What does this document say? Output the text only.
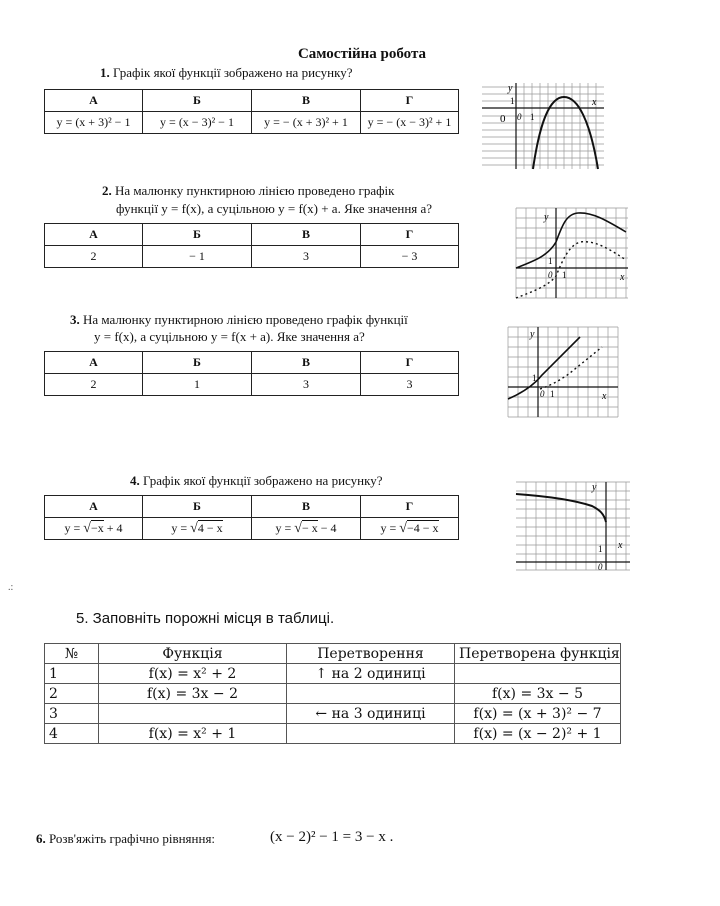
Самостійна робота
1. Графік якої функції зображено на рисунку?
А	Б	В	Г
y = (x + 3)² − 1	y = (x − 3)² − 1	y = − (x + 3)² + 1	y = − (x − 3)² + 1
y
x
1
0 0 1
2. На малюнку пунктирною лінією проведено графік
функції y = f(x), а суцільною y = f(x) + a. Яке значення a?
А	Б	В	Г
2	− 1	3	− 3
y
x
1
0 1
3. На малюнку пунктирною лінією проведено графік функції
y = f(x), а суцільною y = f(x + a). Яке значення a?
А	Б	В	Г
2	1	3	3
y
x
1
0 1
4. Графік якої функції зображено на рисунку?
А	Б	В	Г
y = √−x + 4	y = √4 − x	y = √− x − 4	y = √−4 − x
y
x
1
0
.:
5. Заповніть порожні місця в таблиці.
№	Функція	Перетворення	Перетворена функція
1	f(x) = x² + 2	↑ на 2 одиниці	
2	f(x) = 3x − 2		f(x) = 3x − 5
3		← на 3 одиниці	f(x) = (x + 3)² − 7
4	f(x) = x² + 1		f(x) = (x − 2)² + 1
6. Розв'яжіть графічно рівняння:	(x − 2)² − 1 = 3 − x .
